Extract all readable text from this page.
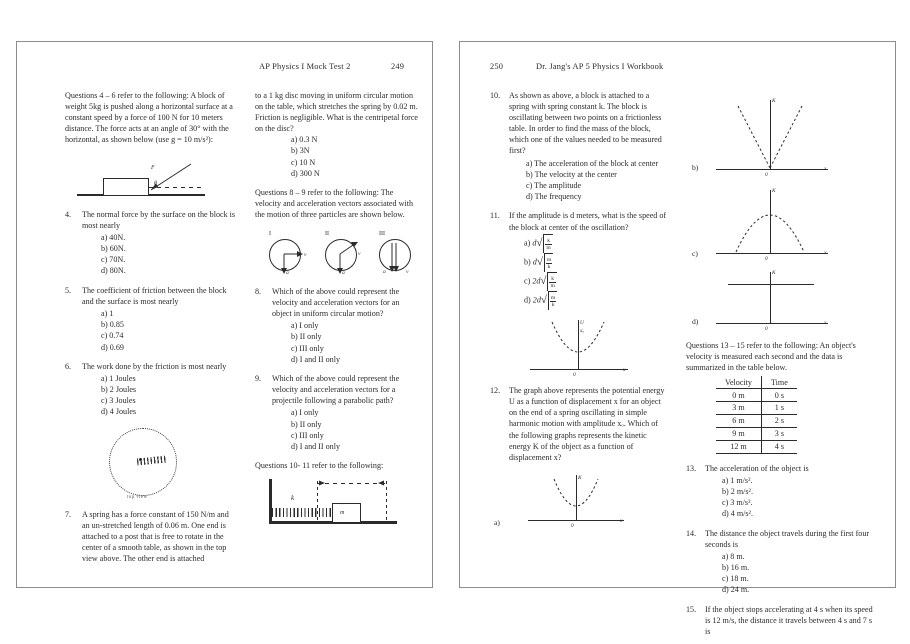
AP Physics I Mock Test 2	249

Questions 4 – 6 refer to the following: A block of weight 5kg is pushed along a horizontal surface at a constant speed by a force of 100 N for 10 meters distance. The force acts at an angle of 30° with the horizontal, as shown below (use g = 10 m/s²):

F
θ
4.	The normal force by the surface on the block is most nearly
a) 40N.
b) 60N.
c) 70N.
d) 80N.
5.	The coefficient of friction between the block and the surface is most nearly
a) 1
b) 0.85
c) 0.74
d) 0.69
6.	The work done by the friction is most nearly
a) 1 Joules
b) 2 Joules
c) 3 Joules
d) 4 Joules
top view
7.	A spring has a force constant of 150 N/m and an un-stretched length of 0.06 m. One end is attached to a post that is free to rotate in the center of a smooth table, as shown in the top view above. The other end is attached

to a 1 kg disc moving in uniform circular motion on the table, which stretches the spring by 0.02 m. Friction is negligible. What is the centripetal force on the disc?

a) 0.3 N
b) 3N
c) 10 N
d) 300 N

Questions 8 – 9 refer to the following: The velocity and acceleration vectors associated with the motion of three particles are shown below.

I
v
a
II
v
a
III
a	v
8.	Which of the above could represent the velocity and acceleration vectors for an object in uniform circular motion?
a) I only
b) II only
c) III only
d) I and II only
9.	Which of the above could represent the velocity and acceleration vectors for a projectile following a parabolic path?
a) I only
b) II only
c) III only
d) I and II only

Questions 10- 11 refer to the following:

m
k
250	Dr. Jang's AP 5 Physics I Workbook
10.	As shown as above, a block is attached to a spring with spring constant k. The block is oscillating between two points on a frictionless table. In order to find the mass of the block, which one of the values needed to be measured first?
a) The acceleration of the block at center
b) The velocity at the center
c) The amplitude
d) The frequency
11.	If the amplitude is d meters, what is the speed of the block at center of the oscillation?
a) $d√ \frac{k}{m}$
b) $d√ \frac{m}{k}$
c) $2d√ \frac{k}{m}$
d) $2d√ \frac{m}{k}$
U
xₒ
0
x
12.	The graph above represents the potential energy U as a function of displacement x for an object on the end of a spring oscillating in simple harmonic motion with amplitude xₒ. Which of the following graphs represents the kinetic energy K of the object as a function of displacement x?
a)
K
0
x
b)
K
0
x
c)
K
0
x
d)
K
0
x

Questions 13 – 15 refer to the following: An object's velocity is measured each second and the data is summarized in the table below.

Velocity	Time
0 m	0 s
3 m	1 s
6 m	2 s
9 m	3 s
12 m	4 s
13.	The acceleration of the object is
a) 1 m/s².
b) 2 m/s².
c) 3 m/s².
d) 4 m/s².
14.	The distance the object travels during the first four seconds is
a) 8 m.
b) 16 m.
c) 18 m.
d) 24 m.
15.	If the object stops accelerating at 4 s when its speed is 12 m/s, the distance it travels between 4 s and 7 s is
